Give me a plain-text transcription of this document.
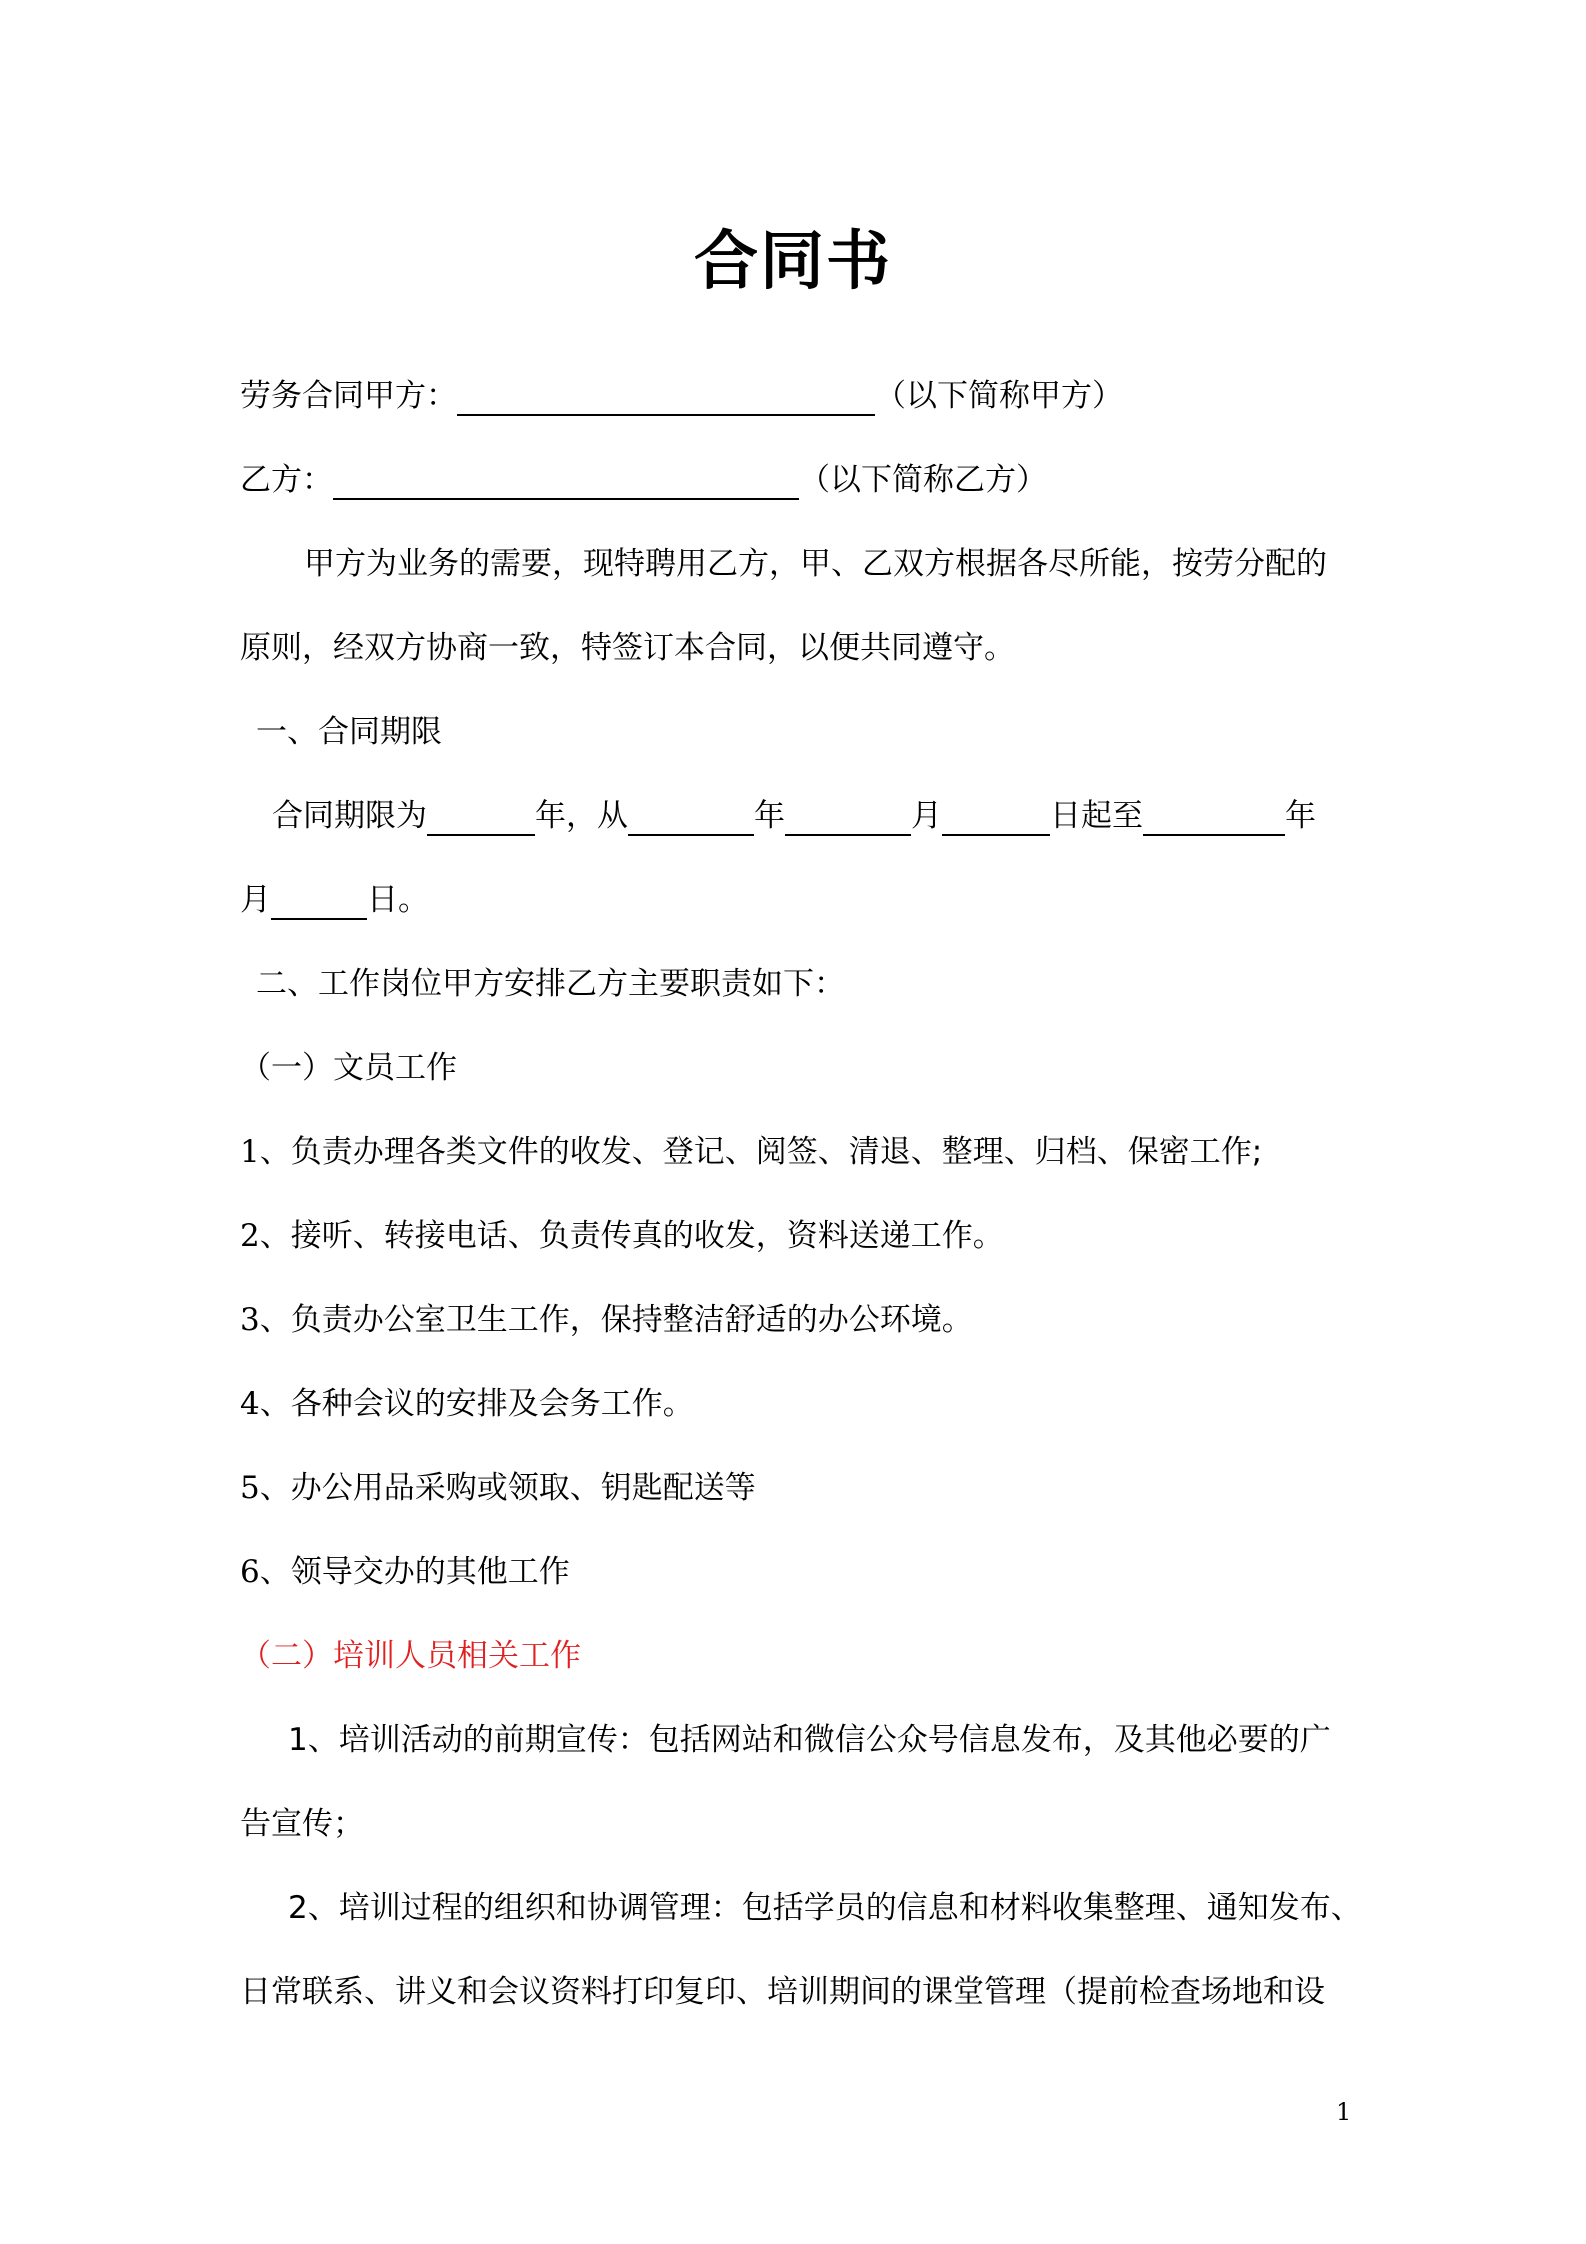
合同书
劳务合同甲方：	（以下简称甲方）
乙方：	（以下简称乙方）
甲方为业务的需要，现特聘用乙方，甲、乙双方根据各尽所能，按劳分配的
原则，经双方协商一致，特签订本合同，以便共同遵守。
一、合同期限
合同期限为	年，从	年	月	日起至	年
月	日。
二、工作岗位甲方安排乙方主要职责如下：
（一）文员工作
1、负责办理各类文件的收发、登记、阅签、清退、整理、归档、保密工作;
2、接听、转接电话、负责传真的收发，资料送递工作。
3、负责办公室卫生工作，保持整洁舒适的办公环境。
4、各种会议的安排及会务工作。
5、办公用品采购或领取、钥匙配送等
6、领导交办的其他工作
（二）培训人员相关工作
1、培训活动的前期宣传：包括网站和微信公众号信息发布，及其他必要的广
告宣传；
2、培训过程的组织和协调管理：包括学员的信息和材料收集整理、通知发布、
日常联系、讲义和会议资料打印复印、培训期间的课堂管理（提前检查场地和设
1
